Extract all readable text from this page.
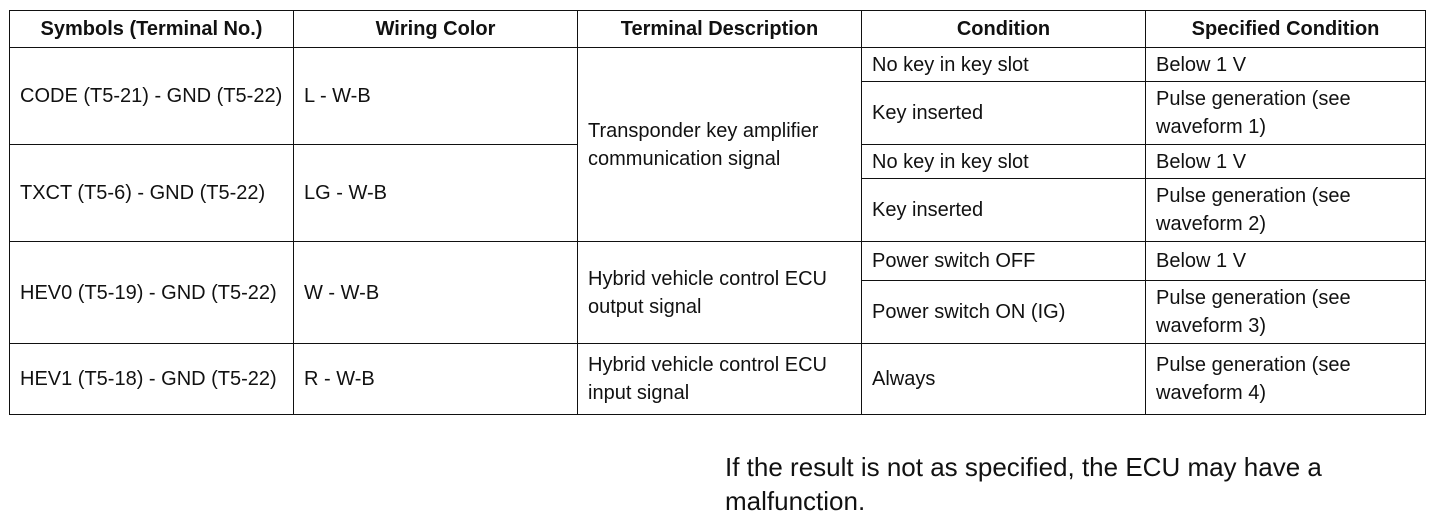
Symbols (Terminal No.)	Wiring Color	Terminal Description	Condition	Specified Condition
CODE (T5-21) - GND (T5-22)	L - W-B	Transponder key amplifier communication signal	No key in key slot	Below 1 V
			Key inserted	Pulse generation (see waveform 1)
TXCT (T5-6) - GND (T5-22)	LG - W-B		No key in key slot	Below 1 V
			Key inserted	Pulse generation (see waveform 2)
HEV0 (T5-19) - GND (T5-22)	W - W-B	Hybrid vehicle control ECU output signal	Power switch OFF	Below 1 V
			Power switch ON (IG)	Pulse generation (see waveform 3)
HEV1 (T5-18) - GND (T5-22)	R - W-B	Hybrid vehicle control ECU input signal	Always	Pulse generation (see waveform 4)
If the result is not as specified, the ECU may have a malfunction.
